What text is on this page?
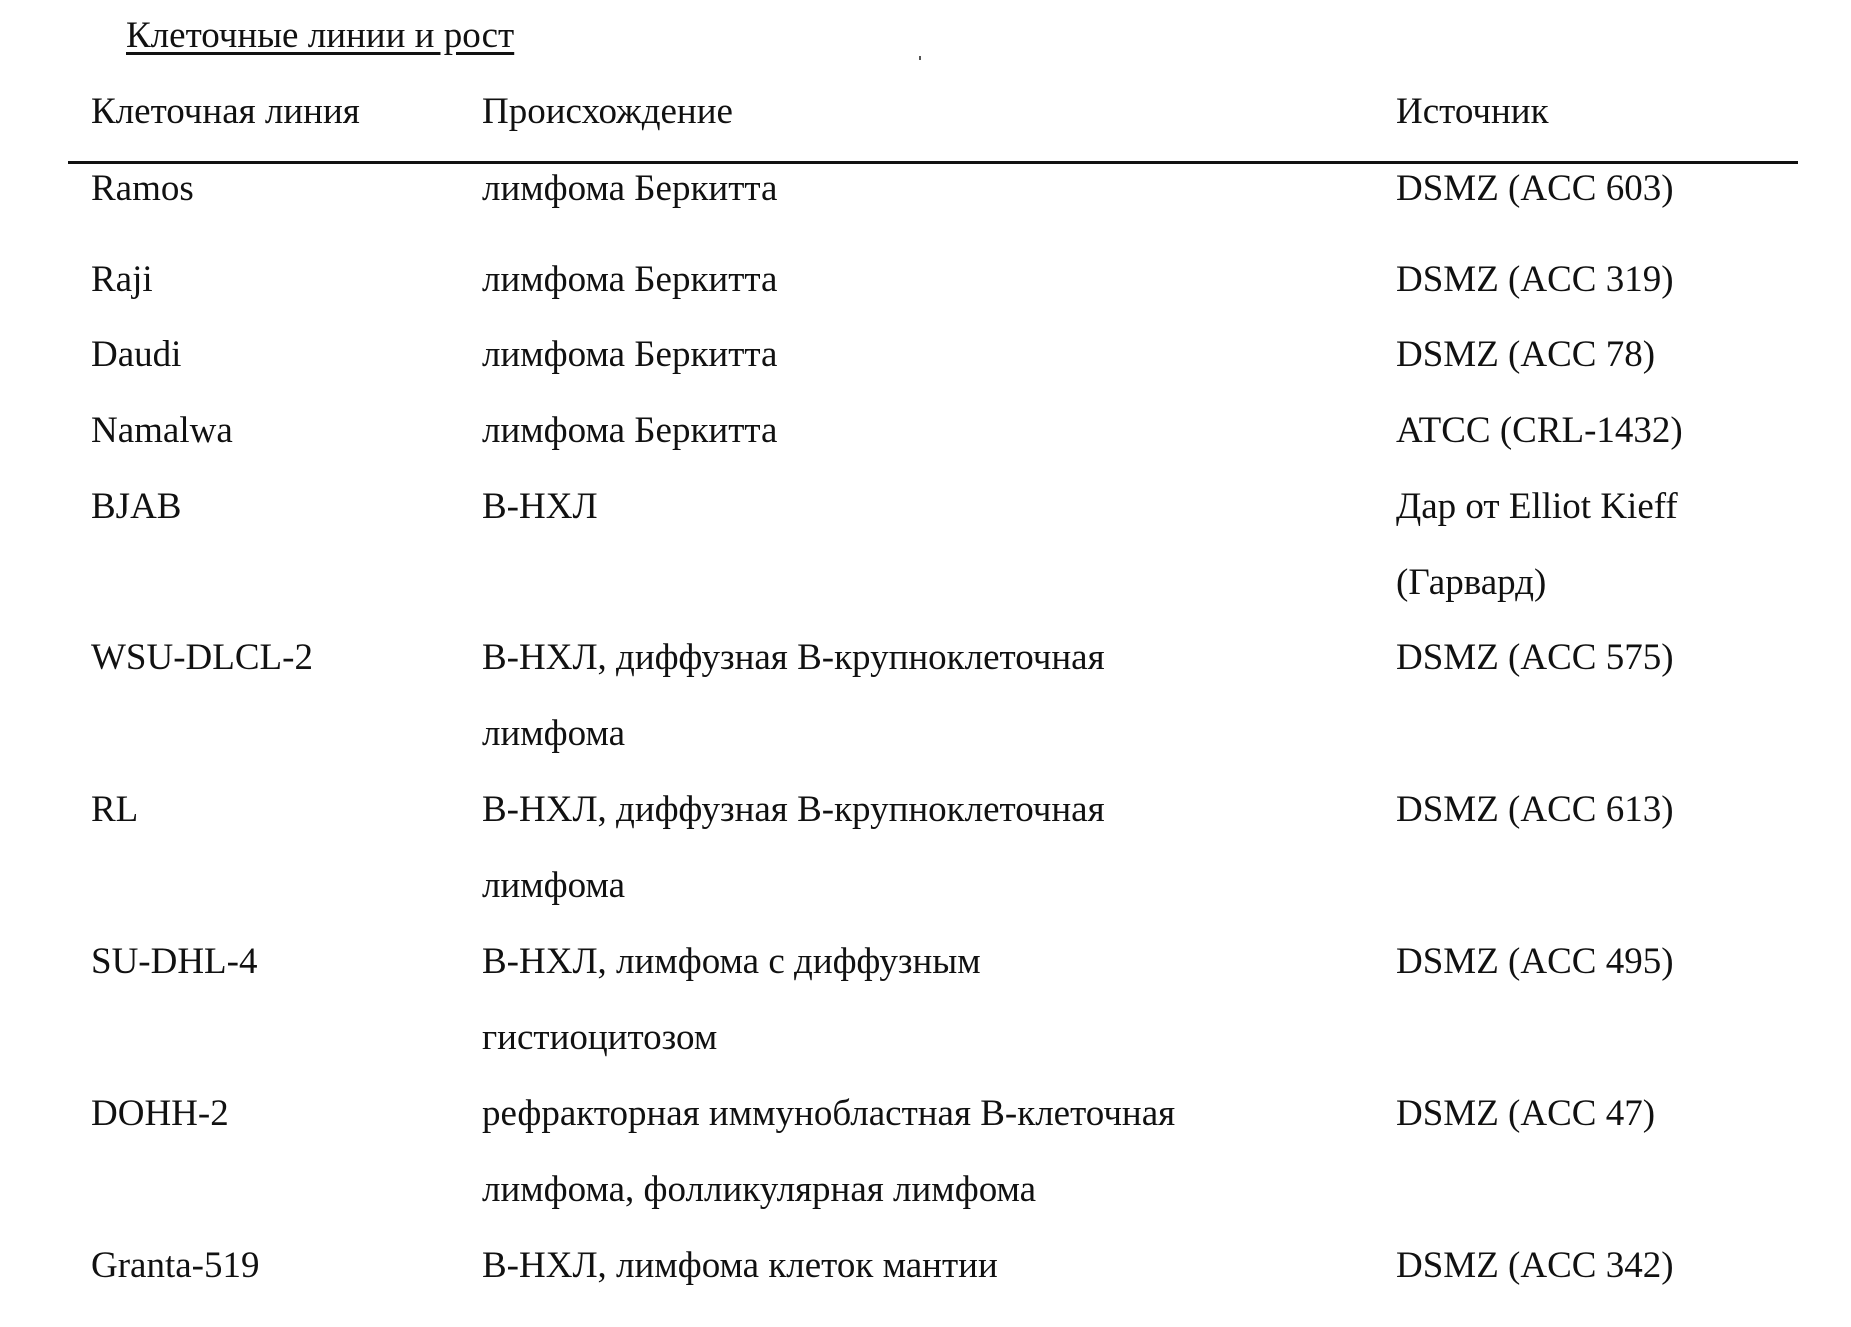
Клеточные линии и рост
Клеточная линия	Происхождение	Источник
Ramos	лимфома Беркитта	DSMZ (ACC 603)
Raji	лимфома Беркитта	DSMZ (ACC 319)
Daudi	лимфома Беркитта	DSMZ (ACC 78)
Namalwa	лимфома Беркитта	ATCC (CRL-1432)
BJAB	B-НХЛ	Дар от Elliot Kieff
(Гарвард)
WSU-DLCL-2	B-НХЛ, диффузная B-крупноклеточная
лимфома
DSMZ (ACC 575)
RL	B-НХЛ, диффузная B-крупноклеточная
лимфома
DSMZ (ACC 613)
SU-DHL-4	B-НХЛ, лимфома с диффузным
гистиоцитозом
DSMZ (ACC 495)
DOHH-2	рефракторная иммунобластная B-клеточная
лимфома, фолликулярная лимфома
DSMZ (ACC 47)
Granta-519	B-НХЛ, лимфома клеток мантии	DSMZ (ACC 342)
